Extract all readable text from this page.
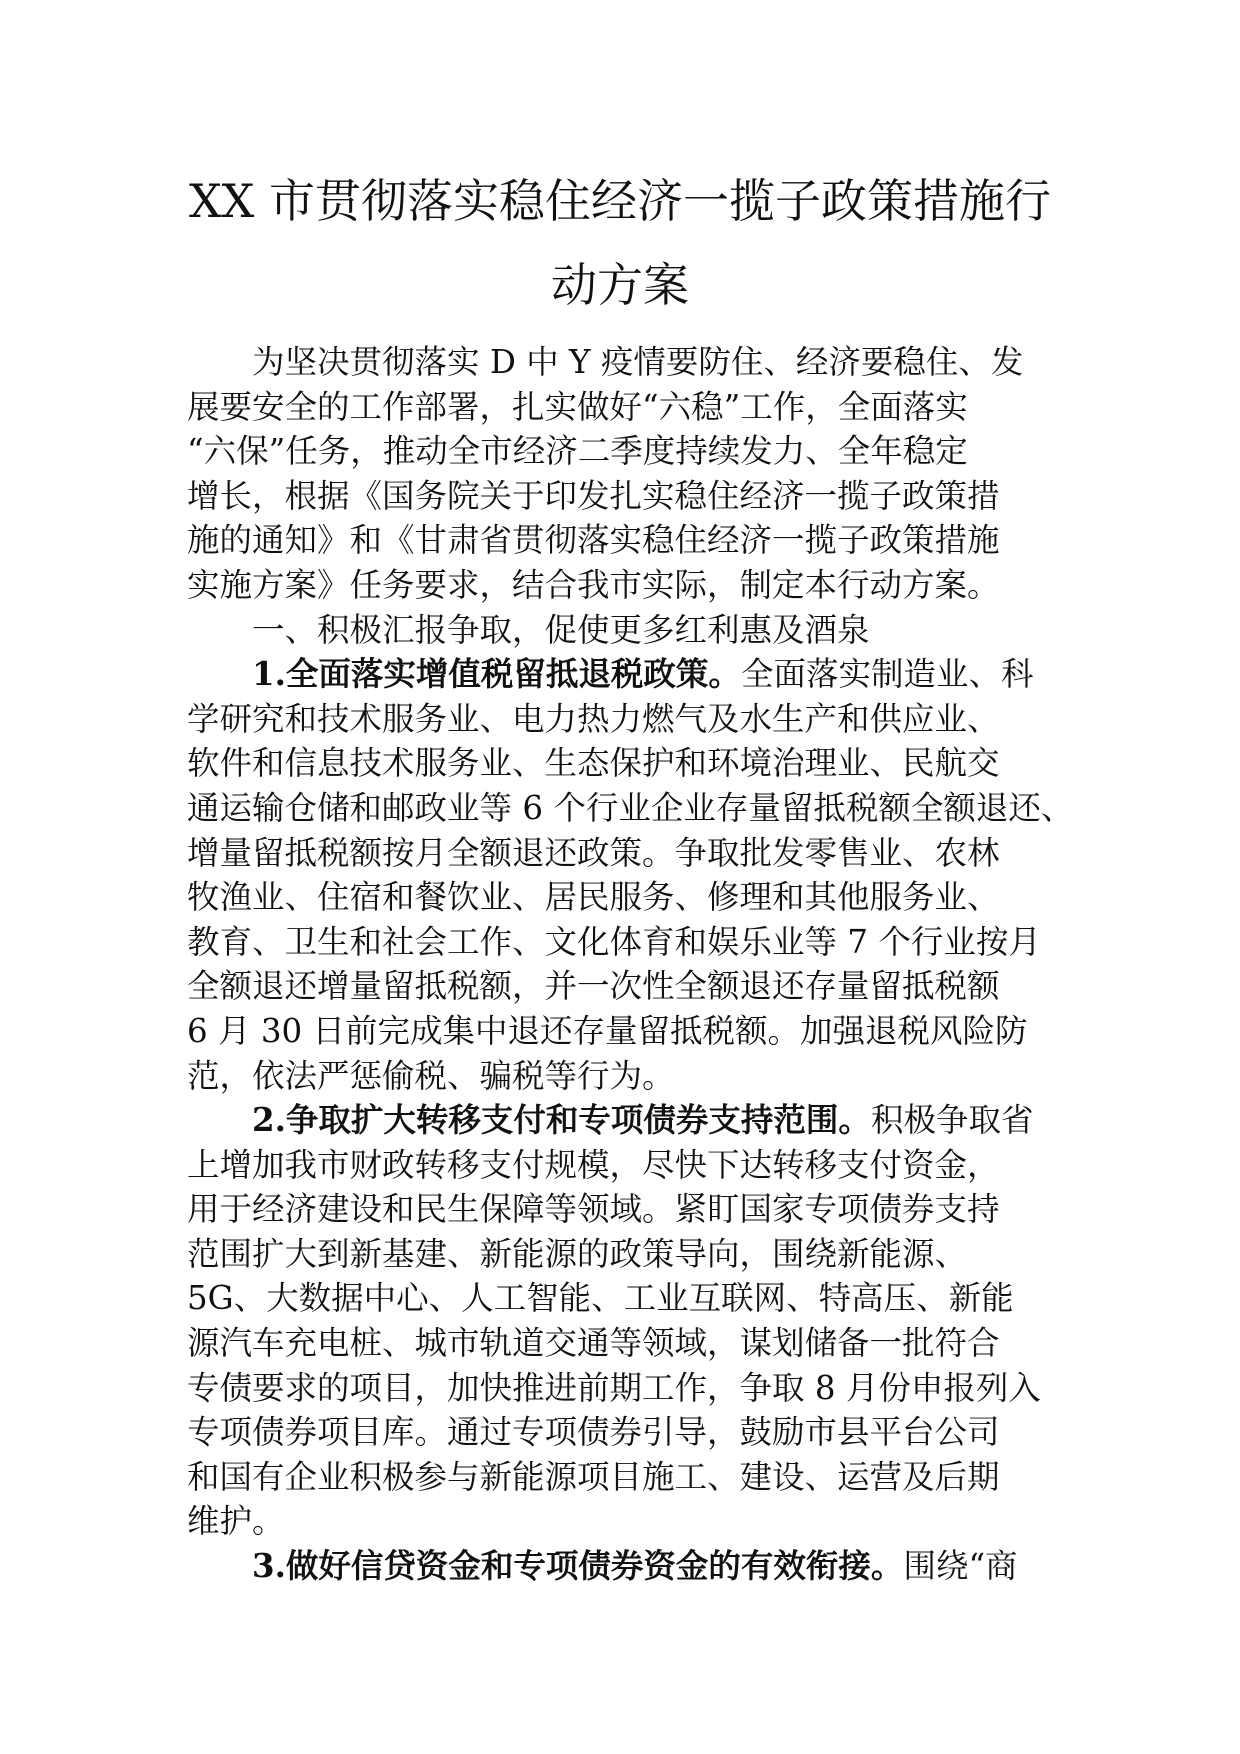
XX 市贯彻落实稳住经济一揽子政策措施行
动方案
为坚决贯彻落实 D 中 Y 疫情要防住、经济要稳住、发
展要安全的工作部署，扎实做好“六稳”工作，全面落实
“六保”任务，推动全市经济二季度持续发力、全年稳定
增长，根据《国务院关于印发扎实稳住经济一揽子政策措
施的通知》和《甘肃省贯彻落实稳住经济一揽子政策措施
实施方案》任务要求，结合我市实际，制定本行动方案。
一、积极汇报争取，促使更多红利惠及酒泉
1.全面落实增值税留抵退税政策。全面落实制造业、科
学研究和技术服务业、电力热力燃气及水生产和供应业、
软件和信息技术服务业、生态保护和环境治理业、民航交
通运输仓储和邮政业等 6 个行业企业存量留抵税额全额退还、
增量留抵税额按月全额退还政策。争取批发零售业、农林
牧渔业、住宿和餐饮业、居民服务、修理和其他服务业、
教育、卫生和社会工作、文化体育和娱乐业等 7 个行业按月
全额退还增量留抵税额，并一次性全额退还存量留抵税额
6 月 30 日前完成集中退还存量留抵税额。加强退税风险防
范，依法严惩偷税、骗税等行为。
2.争取扩大转移支付和专项债券支持范围。积极争取省
上增加我市财政转移支付规模，尽快下达转移支付资金，
用于经济建设和民生保障等领域。紧盯国家专项债券支持
范围扩大到新基建、新能源的政策导向，围绕新能源、
5G、大数据中心、人工智能、工业互联网、特高压、新能
源汽车充电桩、城市轨道交通等领域，谋划储备一批符合
专债要求的项目，加快推进前期工作，争取 8 月份申报列入
专项债券项目库。通过专项债券引导，鼓励市县平台公司
和国有企业积极参与新能源项目施工、建设、运营及后期
维护。
3.做好信贷资金和专项债券资金的有效衔接。围绕“商
